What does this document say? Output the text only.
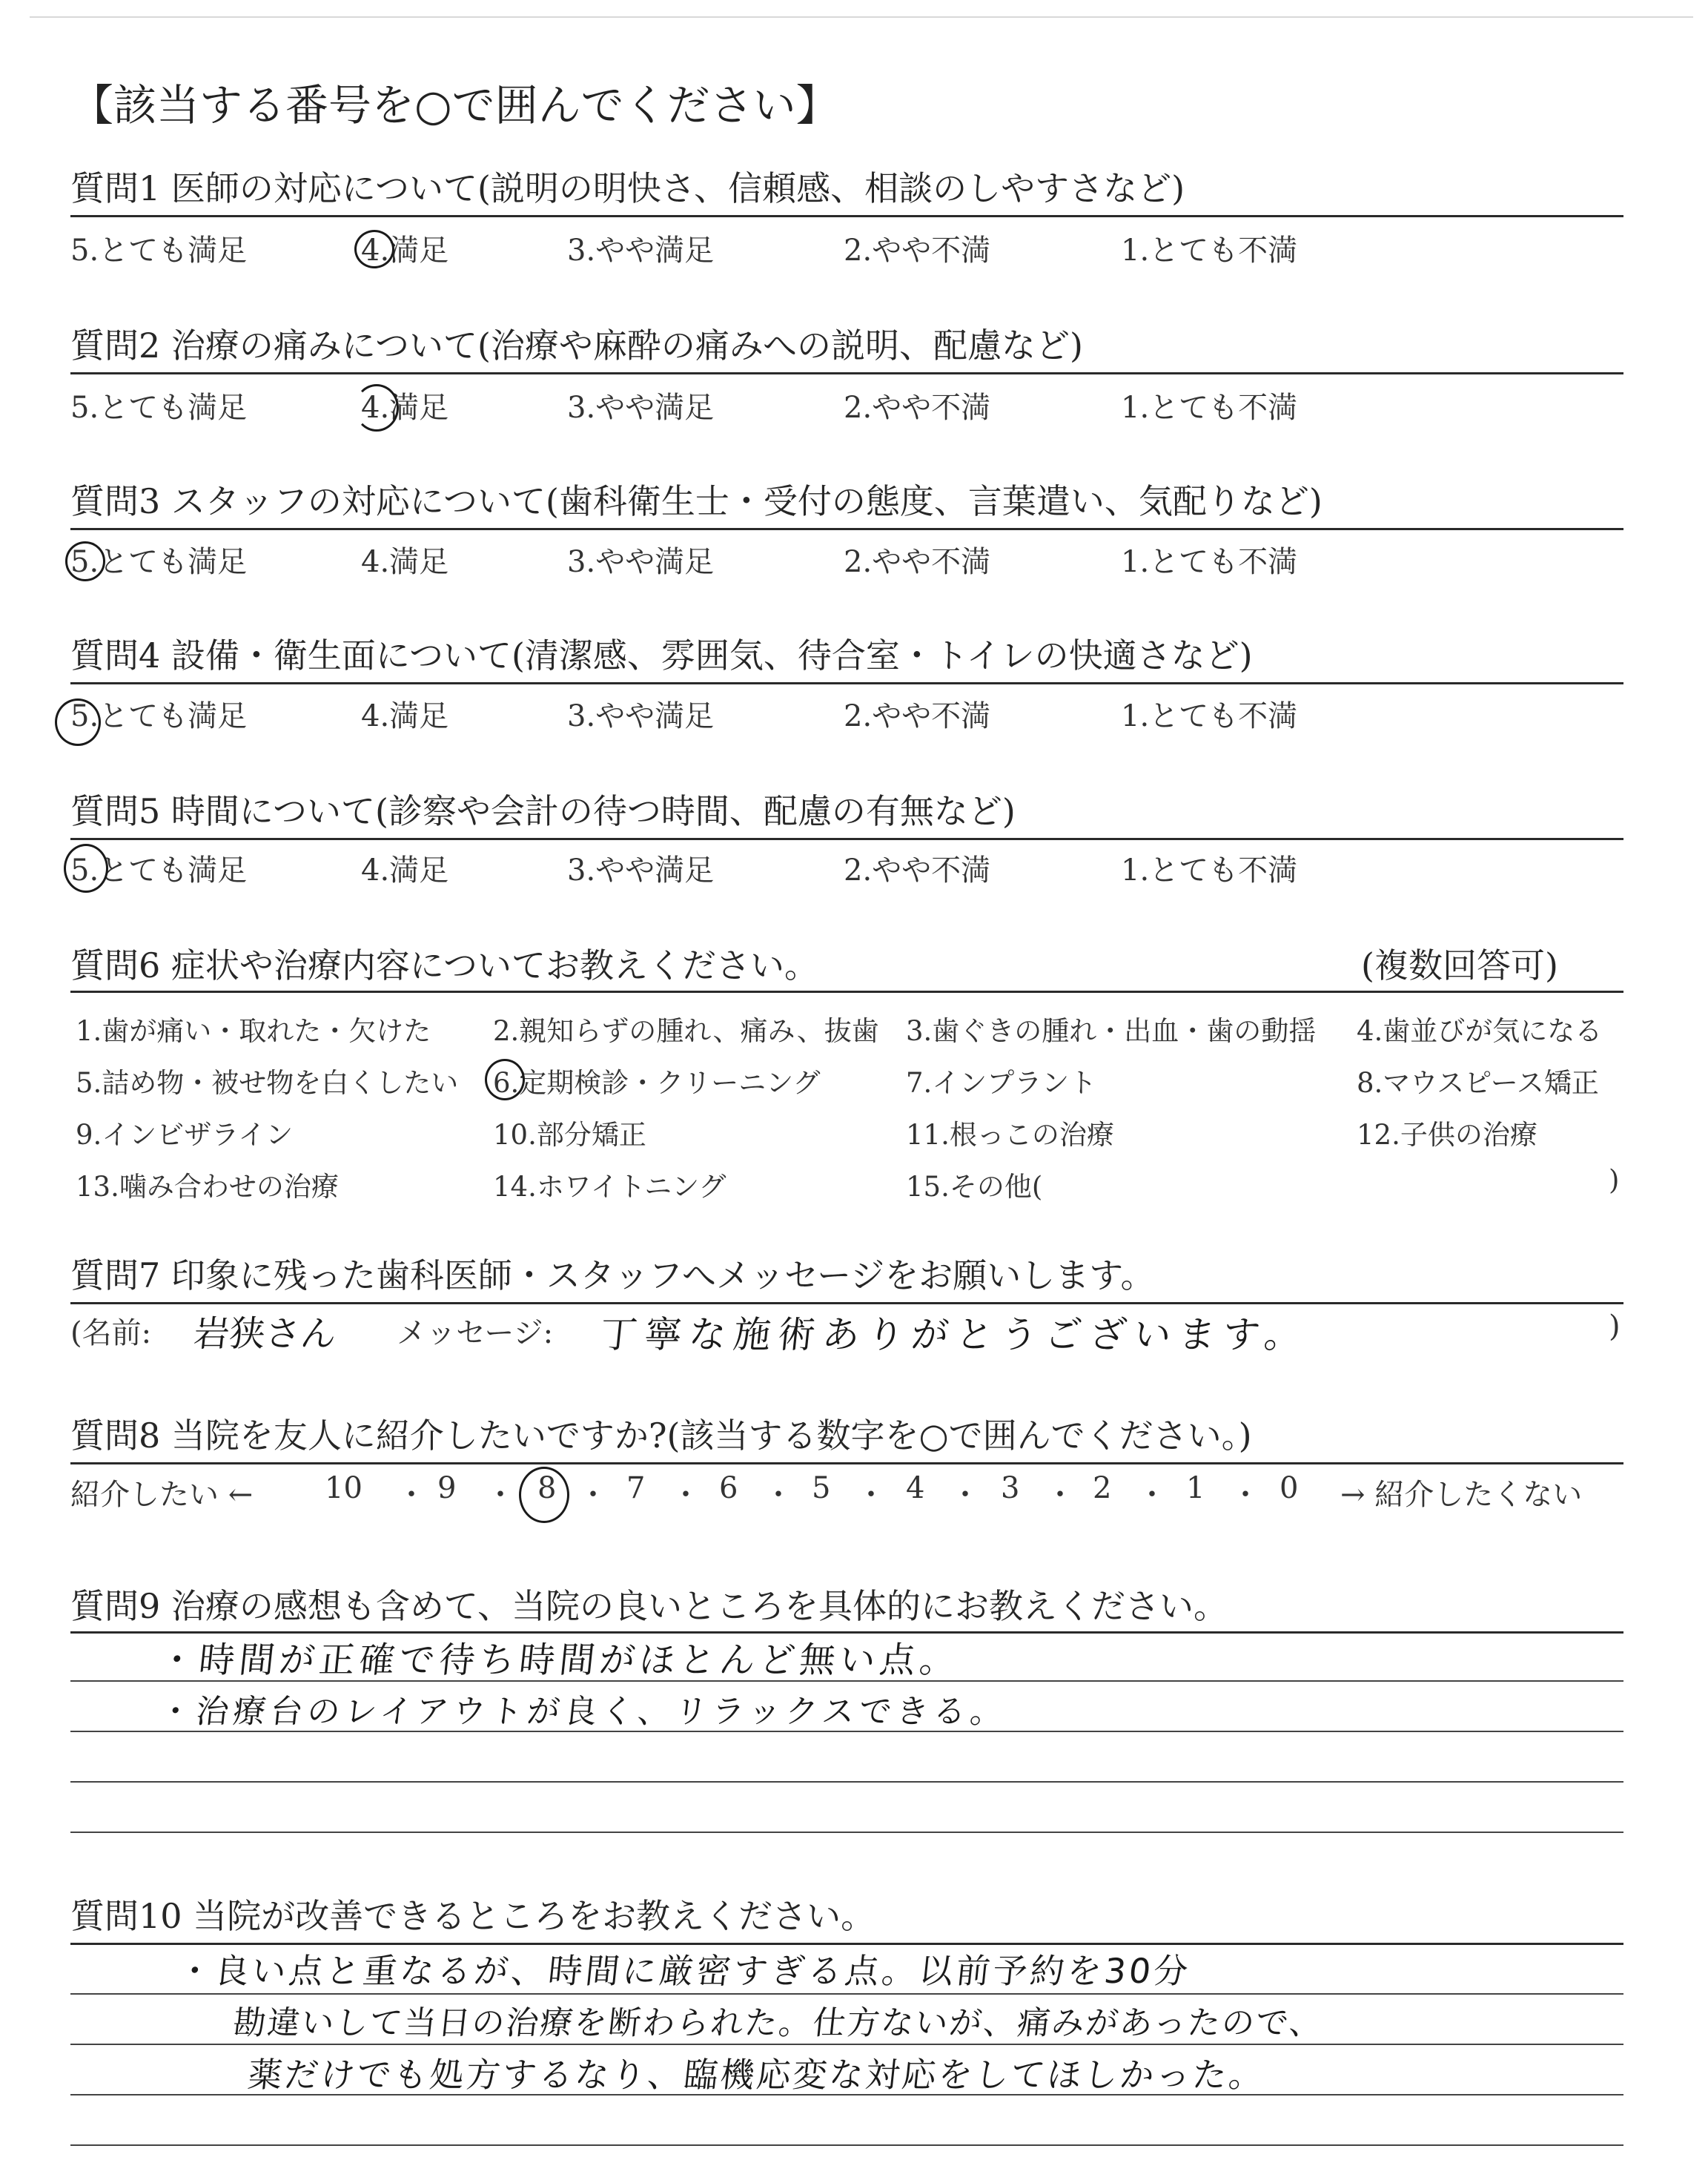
【該当する番号を○で囲んでください】
質問1 医師の対応について(説明の明快さ、信頼感、相談のしやすさなど)
5.とても満足	4.満足	3.やや満足	2.やや不満	1.とても不満
質問2 治療の痛みについて(治療や麻酔の痛みへの説明、配慮など)
5.とても満足	4.満足	3.やや満足	2.やや不満	1.とても不満
質問3 スタッフの対応について(歯科衛生士・受付の態度、言葉遣い、気配りなど)
5.とても満足	4.満足	3.やや満足	2.やや不満	1.とても不満
質問4 設備・衛生面について(清潔感、雰囲気、待合室・トイレの快適さなど)
5.とても満足	4.満足	3.やや満足	2.やや不満	1.とても不満
質問5 時間について(診察や会計の待つ時間、配慮の有無など)
5.とても満足	4.満足	3.やや満足	2.やや不満	1.とても不満
質問6 症状や治療内容についてお教えください。	(複数回答可)
1.歯が痛い・取れた・欠けた 2.親知らずの腫れ、痛み、抜歯 3.歯ぐきの腫れ・出血・歯の動揺 4.歯並びが気になる
5.詰め物・被せ物を白くしたい 6.定期検診・クリーニング	7.インプラント	8.マウスピース矯正
9.インビザライン	10.部分矯正	11.根っこの治療	12.子供の治療
13.噛み合わせの治療	14.ホワイトニング	15.その他(	)
質問7 印象に残った歯科医師・スタッフへメッセージをお願いします。
(名前: 岩狭さん メッセージ: 丁寧な施術ありがとうございます。	)
質問8 当院を友人に紹介したいですか?(該当する数字を○で囲んでください。)
紹介したい ← 10 ・ 9 ・ 8 ・ 7 ・ 6 ・ 5 ・ 4 ・ 3 ・ 2 ・ 1 ・ 0 → 紹介したくない
質問9 治療の感想も含めて、当院の良いところを具体的にお教えください。
・時間が正確で待ち時間がほとんど無い点。
・治療台のレイアウトが良く、リラックスできる。
質問10 当院が改善できるところをお教えください。
・良い点と重なるが、時間に厳密すぎる点。以前予約を30分
勘違いして当日の治療を断わられた。仕方ないが、痛みがあったので、
薬だけでも処方するなり、臨機応変な対応をしてほしかった。
